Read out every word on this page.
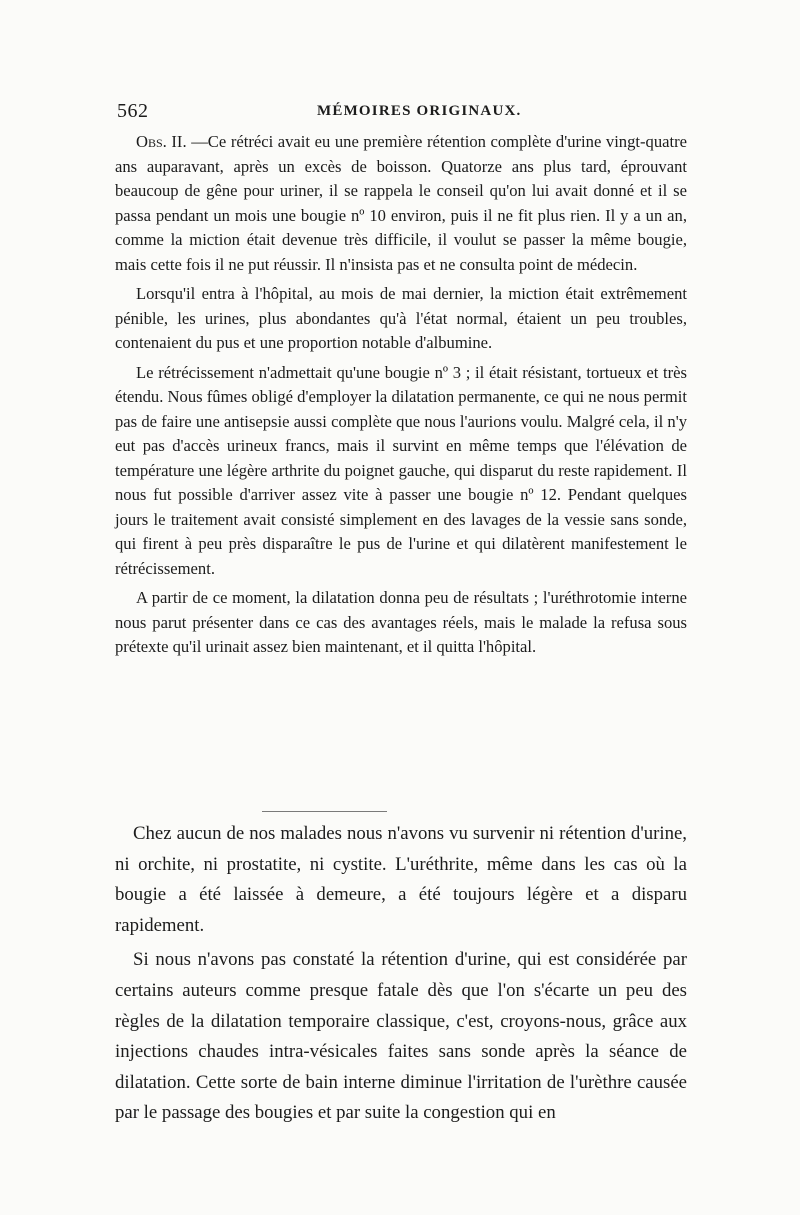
562	MÉMOIRES ORIGINAUX.

Obs. II. —Ce rétréci avait eu une première rétention complète d'urine vingt-quatre ans auparavant, après un excès de boisson. Quatorze ans plus tard, éprouvant beaucoup de gêne pour uriner, il se rappela le conseil qu'on lui avait donné et il se passa pendant un mois une bougie nº 10 environ, puis il ne fit plus rien. Il y a un an, comme la miction était devenue très difficile, il voulut se passer la même bougie, mais cette fois il ne put réussir. Il n'insista pas et ne consulta point de médecin.

Lorsqu'il entra à l'hôpital, au mois de mai dernier, la miction était extrêmement pénible, les urines, plus abondantes qu'à l'état normal, étaient un peu troubles, contenaient du pus et une proportion notable d'albumine.

Le rétrécissement n'admettait qu'une bougie nº 3 ; il était résistant, tortueux et très étendu. Nous fûmes obligé d'employer la dilatation permanente, ce qui ne nous permit pas de faire une antisepsie aussi complète que nous l'aurions voulu. Malgré cela, il n'y eut pas d'accès urineux francs, mais il survint en même temps que l'élévation de température une légère arthrite du poignet gauche, qui disparut du reste rapidement. Il nous fut possible d'arriver assez vite à passer une bougie nº 12. Pendant quelques jours le traitement avait consisté simplement en des lavages de la vessie sans sonde, qui firent à peu près disparaître le pus de l'urine et qui dilatèrent manifestement le rétrécissement.

A partir de ce moment, la dilatation donna peu de résultats ; l'uréthrotomie interne nous parut présenter dans ce cas des avantages réels, mais le malade la refusa sous prétexte qu'il urinait assez bien maintenant, et il quitta l'hôpital.

Chez aucun de nos malades nous n'avons vu survenir ni rétention d'urine, ni orchite, ni prostatite, ni cystite. L'uréthrite, même dans les cas où la bougie a été laissée à demeure, a été toujours légère et a disparu rapidement.

Si nous n'avons pas constaté la rétention d'urine, qui est considérée par certains auteurs comme presque fatale dès que l'on s'écarte un peu des règles de la dilatation temporaire classique, c'est, croyons-nous, grâce aux injections chaudes intra-vésicales faites sans sonde après la séance de dilatation. Cette sorte de bain interne diminue l'irritation de l'urèthre causée par le passage des bougies et par suite la congestion qui en
